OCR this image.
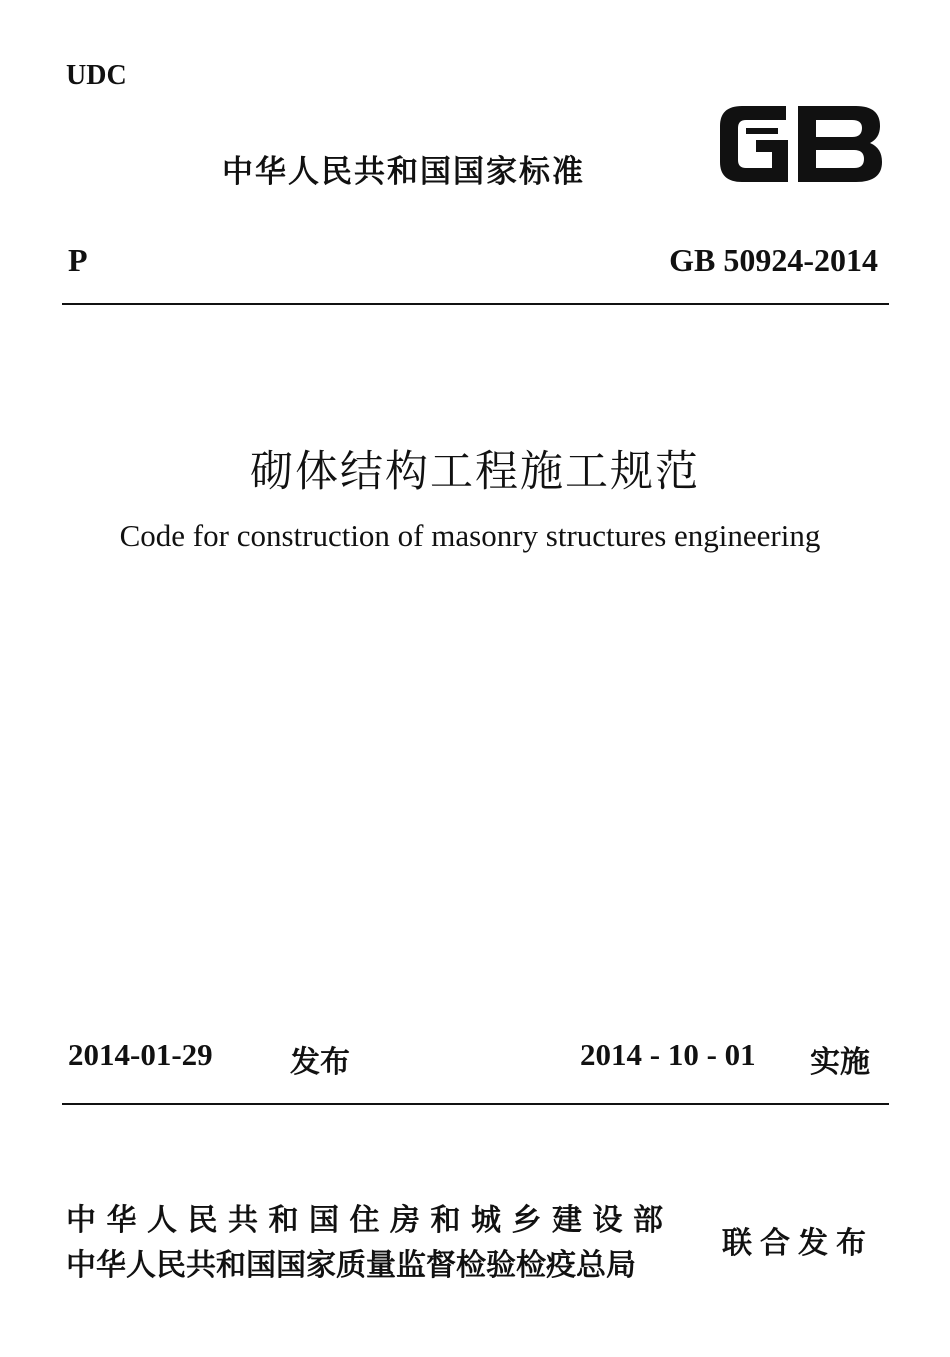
UDC
中华人民共和国国家标准
P	GB 50924-2014
砌体结构工程施工规范
Code for construction of masonry structures engineering
2014-01-29	发布	2014 - 10 - 01 实施
中华人民共和国住房和城乡建设部
中华人民共和国国家质量监督检验检疫总局
联合发布
